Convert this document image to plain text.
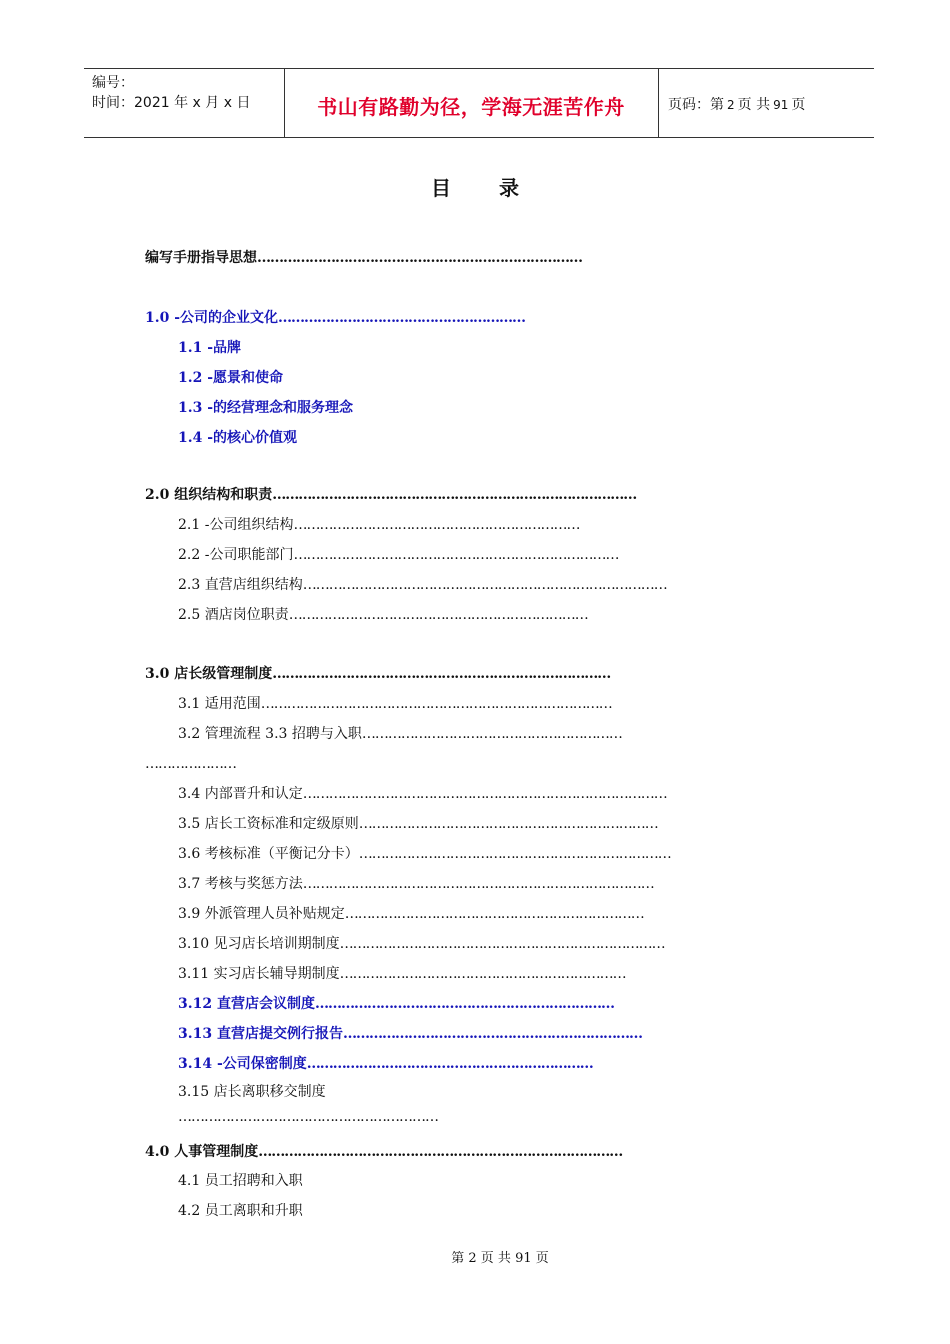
编号：
时间：2021 年 x 月 x 日	书山有路勤为径，学海无涯苦作舟	页码：第 2 页 共 91 页
目录
编写手册指导思想…………………………………………………………………
1.0 -公司的企业文化…………………………………………………
1.1 -品牌
1.2 -愿景和使命
1.3 -的经营理念和服务理念
1.4 -的核心价值观
2.0 组织结构和职责…………………………………………………………………………
2.1 -公司组织结构…………………………………………………………
2.2 -公司职能部门…………………………………………………………………
2.3 直营店组织结构…………………………………………………………………………
2.5 酒店岗位职责……………………………………………………………
3.0 店长级管理制度……………………………………………………………………
3.1 适用范围………………………………………………………………………
3.2 管理流程 3.3 招聘与入职……………………………………………………
…………………
3.4 内部晋升和认定…………………………………………………………………………
3.5 店长工资标准和定级原则……………………………………………………………
3.6 考核标准（平衡记分卡）………………………………………………………………
3.7 考核与奖惩方法………………………………………………………………………
3.9 外派管理人员补贴规定……………………………………………………………
3.10 见习店长培训期制度…………………………………………………………………
3.11 实习店长辅导期制度…………………………………………………………
3.12 直营店会议制度……………………………………………………………
3.13 直营店提交例行报告……………………………………………………………
3.14 -公司保密制度…………………………………………………………
3.15 店长离职移交制度
……………………………………………………
4.0 人事管理制度…………………………………………………………………………
4.1 员工招聘和入职
4.2 员工离职和升职
第 2 页 共 91 页
